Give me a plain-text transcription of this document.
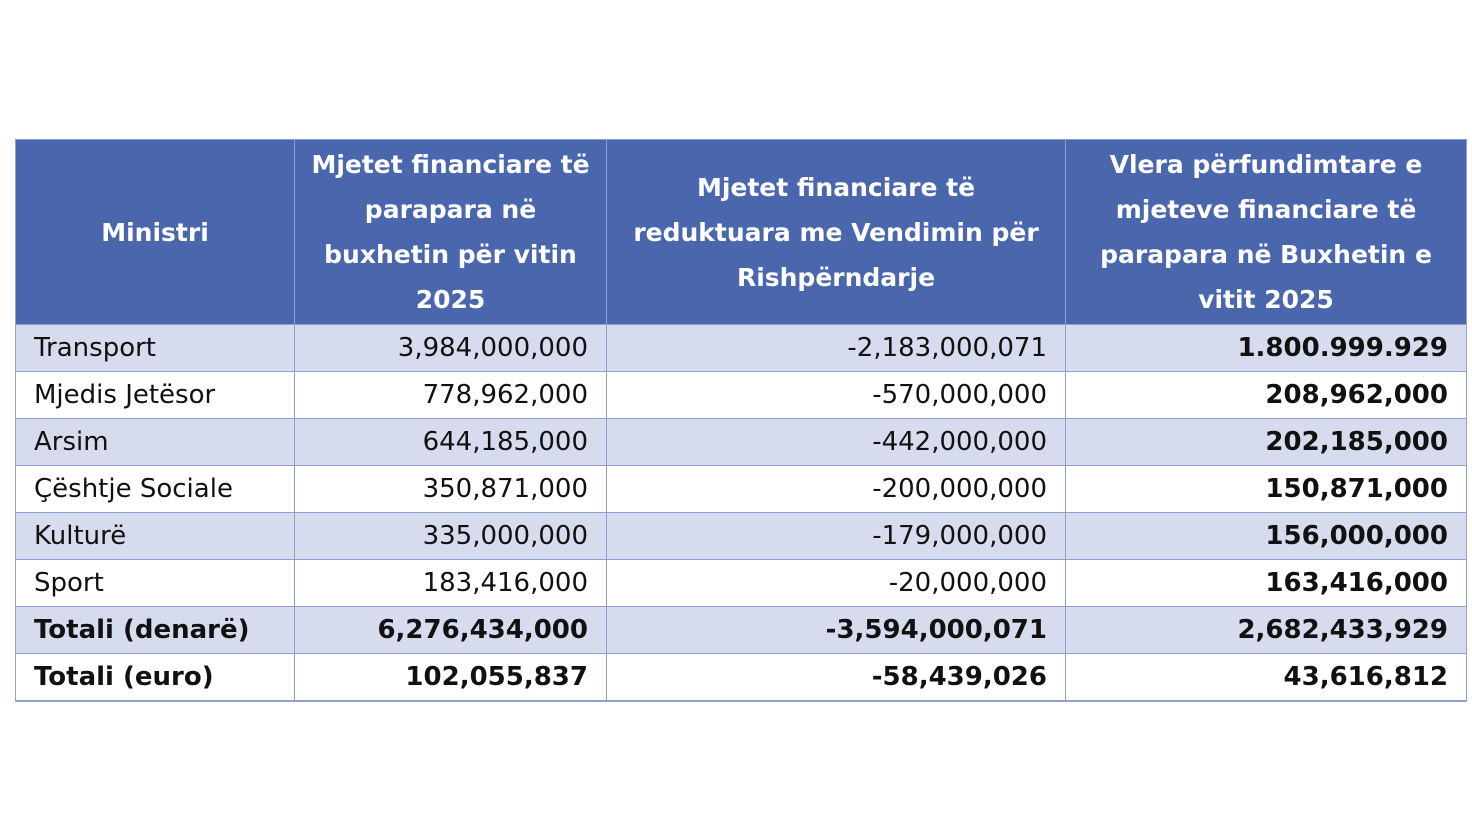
Ministri	Mjetet financiare të parapara në buxhetin për vitin 2025	Mjetet financiare të reduktuara me Vendimin për Rishpërndarje	Vlera përfundimtare e mjeteve financiare të parapara në Buxhetin e vitit 2025
Transport	3,984,000,000	-2,183,000,071	1.800.999.929
Mjedis Jetësor	778,962,000	-570,000,000	208,962,000
Arsim	644,185,000	-442,000,000	202,185,000
Çështje Sociale	350,871,000	-200,000,000	150,871,000
Kulturë	335,000,000	-179,000,000	156,000,000
Sport	183,416,000	-20,000,000	163,416,000
Totali (denarë)	6,276,434,000	-3,594,000,071	2,682,433,929
Totali (euro)	102,055,837	-58,439,026	43,616,812
